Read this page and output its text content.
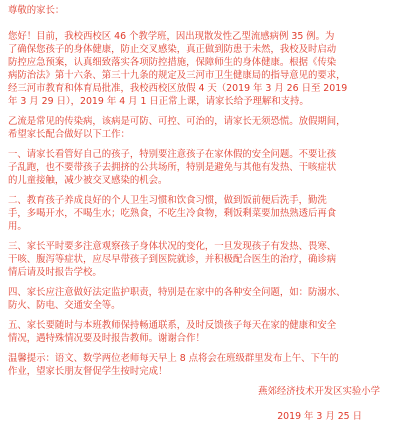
尊敬的家长：
您好！目前，我校西校区 46 个教学班，因出现散发性乙型流感病例 35 例。为
了确保您孩子的身体健康，防止交叉感染，真正做到防患于未然，我校及时启动
防控应急预案，认真细致落实各项防控措施，保障师生的身体健康。根据《传染
病防治法》第十六条、第三十九条的规定及三河市卫生健康局的指导意见的要求，
经三河市教育和体育局批准，我校西校区放假 4 天（2019 年 3 月 26 日至 2019
年 3 月 29 日），2019 年 4 月 1 日正常上课，请家长给予理解和支持。
乙流是常见的传染病，该病是可防、可控、可治的，请家长无须恐慌。放假期间，
希望家长配合做好以下工作：
一、请家长看管好自己的孩子，特别要注意孩子在家休假的安全问题。不要让孩
子乱跑，也不要带孩子去拥挤的公共场所，特别是避免与其他有发热、干咳症状
的儿童接触，减少被交叉感染的机会。
二、教育孩子养成良好的个人卫生习惯和饮食习惯，做到饭前便后洗手，勤洗
手，多喝开水，不喝生水；吃熟食，不吃生冷食物，剩饭剩菜要加热熟透后再食
用。
三、家长平时要多注意观察孩子身体状况的变化，一旦发现孩子有发热、畏寒、
干咳、腹泻等症状，应尽早带孩子到医院就诊，并积极配合医生的治疗，确诊病
情后请及时报告学校。
四、家长应注意做好法定监护职责，特别是在家中的各种安全问题，如：防溺水、
防火、防电、交通安全等。
五、家长要随时与本班教师保持畅通联系，及时反馈孩子每天在家的健康和安全
情况，遇特殊情况要及时报告教师。谢谢合作！
温馨提示：语文、数学两位老师每天早上 8 点将会在班级群里发布上午、下午的
作业，望家长朋友督促学生按时完成！
燕郊经济技术开发区实验小学
2019 年 3 月 25 日
